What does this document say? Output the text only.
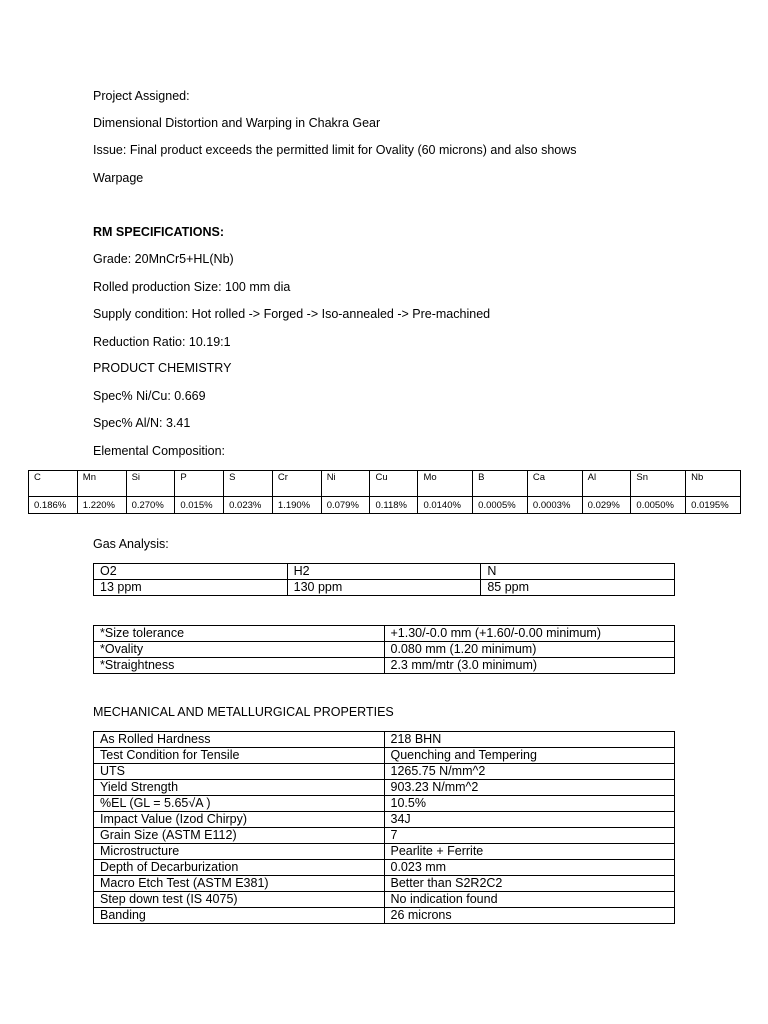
Project Assigned:
Dimensional Distortion and Warping in Chakra Gear
Issue: Final product exceeds the permitted limit for Ovality (60 microns) and also shows
Warpage
RM SPECIFICATIONS:
Grade: 20MnCr5+HL(Nb)
Rolled production Size: 100 mm dia
Supply condition: Hot rolled -> Forged -> Iso-annealed -> Pre-machined
Reduction Ratio: 10.19:1
PRODUCT CHEMISTRY
Spec% Ni/Cu: 0.669
Spec% Al/N: 3.41
Elemental Composition:
C	Mn	Si	P	S	Cr	Ni	Cu	Mo	B	Ca	Al	Sn	Nb
0.186%	1.220%	0.270%	0.015%	0.023%	1.190%	0.079%	0.118%	0.0140%	0.0005%	0.0003%	0.029%	0.0050%	0.0195%
Gas Analysis:
O2	H2	N
13 ppm	130 ppm	85 ppm
*Size tolerance	+1.30/-0.0 mm (+1.60/-0.00 minimum)
*Ovality	0.080 mm (1.20 minimum)
*Straightness	2.3 mm/mtr (3.0 minimum)
MECHANICAL AND METALLURGICAL PROPERTIES
As Rolled Hardness	218 BHN
Test Condition for Tensile	Quenching and Tempering
UTS	1265.75 N/mm^2
Yield Strength	903.23 N/mm^2
%EL (GL = 5.65√A )	10.5%
Impact Value (Izod Chirpy)	34J
Grain Size (ASTM E112)	7
Microstructure	Pearlite + Ferrite
Depth of Decarburization	0.023 mm
Macro Etch Test (ASTM E381)	Better than S2R2C2
Step down test (IS 4075)	No indication found
Banding	26 microns
